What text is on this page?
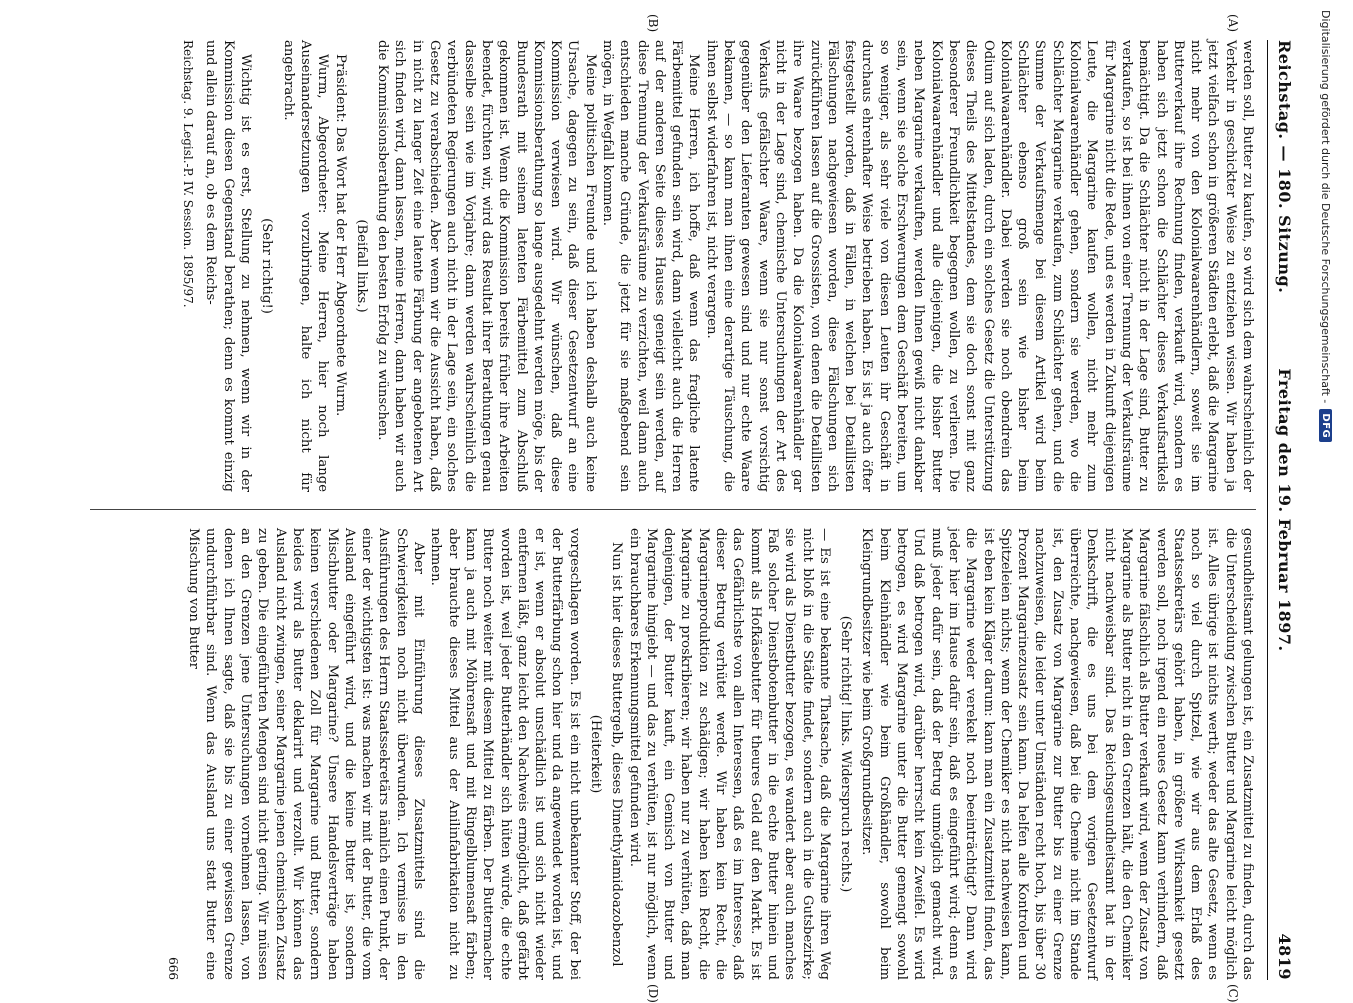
Reichstag. — 180. Sitzung.
Freitag den 19. Februar 1897.
4819
(A)
(B)
(C)
(D)

werden soll, Butter zu kaufen, so wird sich dem wahrscheinlich der Verkehr in geschickter Weise zu entziehen wissen. Wir haben ja jetzt vielfach schon in größeren Städten erlebt, daß die Margarine nicht mehr von den Kolonialwaarenhändlern, soweit sie im Butterverkauf ihre Rechnung finden, verkauft wird, sondern es haben sich jetzt schon die Schlächter dieses Verkaufsartikels bemächtigt. Da die Schlächter nicht in der Lage sind, Butter zu verkaufen, so ist bei ihnen von einer Trennung der Verkaufsräume für Margarine nicht die Rede, und es werden in Zukunft diejenigen Leute, die Margarine kaufen wollen, nicht mehr zum Kolonialwaarenhändler gehen, sondern sie werden, wo die Schlächter Margarine verkaufen, zum Schlächter gehen, und die Summe der Verkaufsmenge bei diesem Artikel wird beim Schlächter ebenso groß sein wie bisher beim Kolonialwaarenhändler. Dabei werden sie noch obendrein das Odium auf sich laden, durch ein solches Gesetz die Unterstützung dieses Theils des Mittelstandes, dem sie doch sonst mit ganz besonderer Freundlichkeit begegnen wollen, zu verlieren. Die Kolonialwaarenhändler und alle diejenigen, die bisher Butter neben Margarine verkauften, werden Ihnen gewiß nicht dankbar sein, wenn sie solche Erschwerungen dem Geschäft bereiten, um so weniger, als sehr viele von diesen Leuten ihr Geschäft in durchaus ehrenhafter Weise betrieben haben. Es ist ja auch öfter festgestellt worden, daß in Fällen, in welchen bei Detaillisten Fälschungen nachgewiesen worden, diese Fälschungen sich zurückführen lassen auf die Grossisten, von denen die Detaillisten ihre Waare bezogen haben. Da die Kolonialwaarenhändler gar nicht in der Lage sind, chemische Untersuchungen der Art des Verkaufs gefälschter Waare, wenn sie nur sonst vorsichtig gegenüber den Lieferanten gewesen sind und nur echte Waare bekamen, — so kann man ihnen eine derartige Täuschung, die ihnen selbst widerfahren ist, nicht verargen.

Meine Herren, ich hoffe, daß wenn das fragliche latente Färbemittel gefunden sein wird, dann vielleicht auch die Herren auf der anderen Seite dieses Hauses geneigt sein werden, auf diese Trennung der Verkaufsräume zu verzichten, weil dann auch entschieden manche Gründe, die jetzt für sie maßgebend sein mögen, in Wegfall kommen.

Meine politischen Freunde und ich haben deshalb auch keine Ursache, dagegen zu sein, daß dieser Gesetzentwurf an eine Kommission verwiesen wird. Wir wünschen, daß diese Kommissionsberathung so lange ausgedehnt werden möge, bis der Bundesrath mit seinem latenten Färbemittel zum Abschluß gekommen ist. Wenn die Kommission bereits früher ihre Arbeiten beendet, fürchten wir, wird das Resultat ihrer Berathungen genau dasselbe sein wie im Vorjahre; dann werden wahrscheinlich die verbündeten Regierungen auch nicht in der Lage sein, ein solches Gesetz zu verabschieden. Aber wenn wir die Aussicht haben, daß in nicht zu langer Zeit eine latente Färbung der angebotenen Art sich finden wird, dann lassen, meine Herren, dann haben wir auch die Kommissionsberathung den besten Erfolg zu wünschen.

(Beifall links.)

Präsident: Das Wort hat der Herr Abgeordnete Wurm.

Wurm, Abgeordneter: Meine Herren, hier noch lange Auseinandersetzungen vorzubringen, halte ich nicht für angebracht.

(Sehr richtig!)

Wichtig ist es erst, Stellung zu nehmen, wenn wir in der Kommission diesen Gegenstand berathen; denn es kommt einzig und allein darauf an, ob es dem Reichs-

Reichstag. 9. Legisl.-P. IV. Session. 1895/97.

gesundheitsamt gelungen ist, ein Zusatzmittel zu finden, durch das die Unterscheidung zwischen Butter und Margarine leicht möglich ist. Alles übrige ist nichts werth; weder das alte Gesetz, wenn es noch so viel durch Spitzel, wie wir aus dem Erlaß des Staatssekretärs gehört haben, in größere Wirksamkeit gesetzt werden soll, noch irgend ein neues Gesetz kann verhindern, daß Margarine fälschlich als Butter verkauft wird, wenn der Zusatz von Margarine als Butter nicht in den Grenzen hält, die den Chemiker nicht nachweisbar sind. Das Reichsgesundheitsamt hat in der Denkschrift, die es uns bei dem vorigen Gesetzentwurf überreichte, nachgewiesen, daß bei die Chemie nicht im Stande ist, den Zusatz von Margarine zur Butter bis zu einer Grenze nachzuweisen, die leider unter Umständen recht hoch, bis über 30 Prozent Margarinezusatz sein kann. Da helfen alle Kontrolen und Spitzeleien nichts; wenn der Chemiker es nicht nachweisen kann, ist eben kein Kläger darum: kann man ein Zusatzmittel finden, das die Margarine weder verekelt noch beeinträchtigt? Dann wird jeder hier im Hause dafür sein, daß es eingeführt wird; denn es muß jeder dafür sein, daß der Betrug unmöglich gemacht wird. Und daß betrogen wird, darüber herrscht kein Zweifel. Es wird betrogen, es wird Margarine unter die Butter gemengt sowohl beim Kleinhändler wie beim Großhändler, sowohl beim Kleingrundbesitzer wie beim Großgrundbesitzer.

(Sehr richtig! links. Widerspruch rechts.)

— Es ist eine bekannte Thatsache, daß die Margarine ihren Weg nicht bloß in die Städte findet, sondern auch in die Gutsbezirke; sie wird als Dienstbutter bezogen, es wandert aber auch manches Faß solcher Dienstbotenbutter in die echte Butter hinein und kommt als Hofkäsebutter für theures Geld auf den Markt. Es ist das Gefährlichste von allen Interessen, daß es im Interesse, daß dieser Betrug verhütet werde. Wir haben kein Recht, die Margarineproduktion zu schädigen; wir haben kein Recht, die Margarine zu proskribieren; wir haben nur zu verhüten, daß man denjenigen, der Butter kauft, ein Gemisch von Butter und Margarine hingiebt — und das zu verhüten, ist nur möglich, wenn ein brauchbares Erkennungsmittel gefunden wird.

Nun ist hier dieses Buttergelb, dieses Dimethylamidoazobenzol

(Heiterkeit)

vorgeschlagen worden. Es ist ein nicht unbekannter Stoff, der bei der Butterfärbung schon hier und da angewendet worden ist, und er ist, wenn er absolut unschädlich ist und sich nicht wieder entfernen läßt, ganz leicht den Nachweis ermöglicht, daß gefärbt worden ist, weil jeder Butterhändler sich hüten würde, die echte Butter noch weiter mit diesem Mittel zu färben. Der Buttermacher kann ja auch mit Möhrensaft und mit Ringelblumensaft färben; aber brauchte dieses Mittel aus der Anilinfabrikation nicht zu nehmen.

Aber mit Einführung dieses Zusatzmittels sind die Schwierigkeiten noch nicht überwunden. Ich vermisse in den Ausführungen des Herrn Staatssekretärs nämlich einen Punkt, der einer der wichtigsten ist: was machen wir mit der Butter, die vom Ausland eingeführt wird, und die keine Butter ist, sondern Mischbutter oder Margarine? Unsere Handelsverträge haben keinen verschiedenen Zoll für Margarine und Butter, sondern beides wird als Butter deklarirt und verzollt. Wir können das Ausland nicht zwingen, seiner Margarine jenen chemischen Zusatz zu geben. Die eingeführten Mengen sind nicht gering. Wir müssen an den Grenzen jene Untersuchungen vornehmen lassen, von denen ich Ihnen sagte, daß sie bis zu einer gewissen Grenze undurchführbar sind. Wenn das Ausland uns statt Butter eine Mischung von Butter

666
Digitalisierung gefördert durch die Deutsche Forschungsgemeinschaft -
DFG
